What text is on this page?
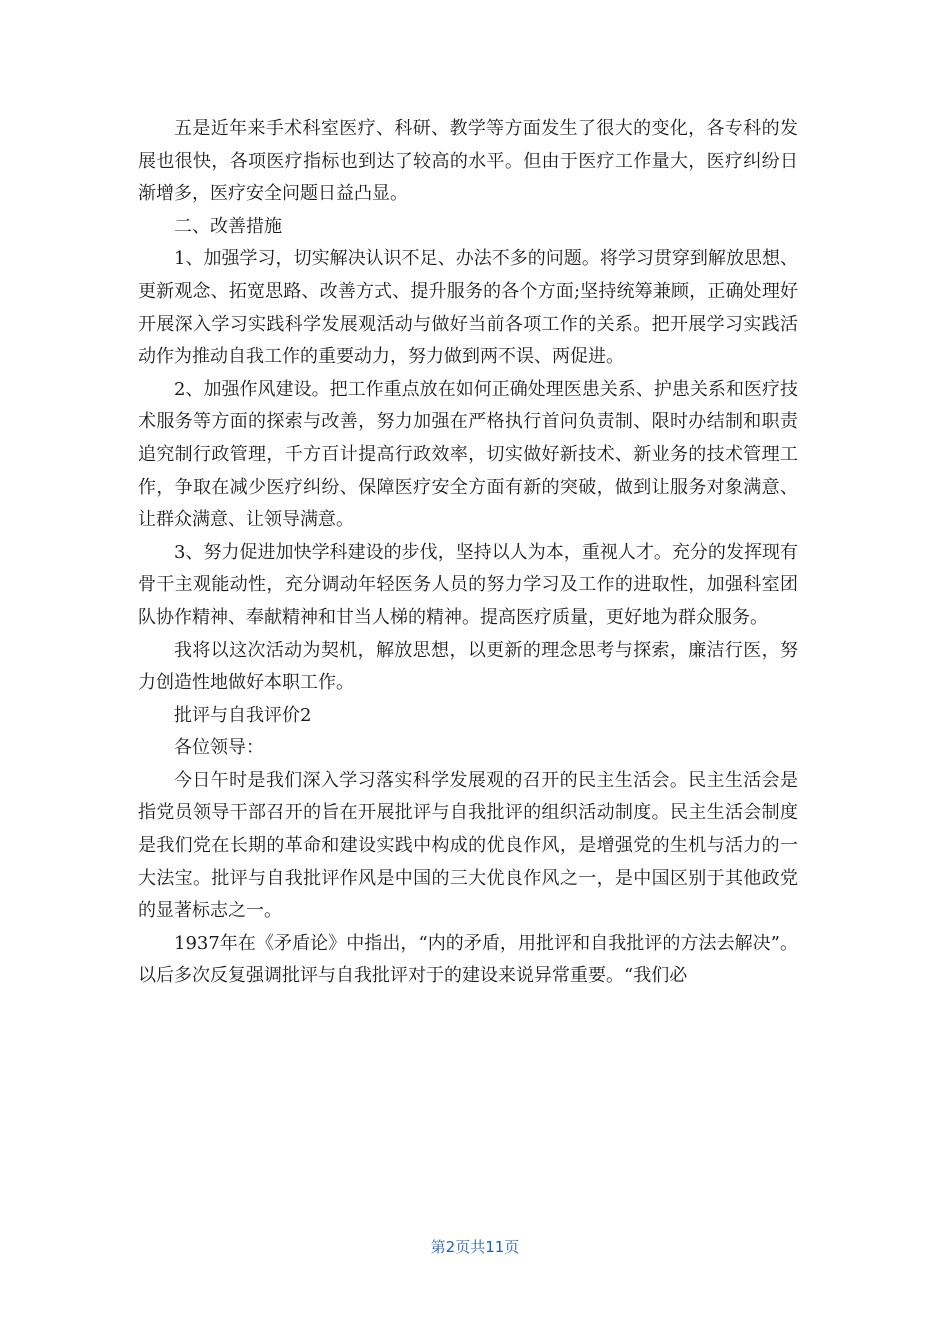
五是近年来手术科室医疗、科研、教学等方面发生了很大的变化，各专科的发展也很快，各项医疗指标也到达了较高的水平。但由于医疗工作量大，医疗纠纷日渐增多，医疗安全问题日益凸显。

二、改善措施

1、加强学习，切实解决认识不足、办法不多的问题。将学习贯穿到解放思想、更新观念、拓宽思路、改善方式、提升服务的各个方面;坚持统筹兼顾，正确处理好开展深入学习实践科学发展观活动与做好当前各项工作的关系。把开展学习实践活动作为推动自我工作的重要动力，努力做到两不误、两促进。

2、加强作风建设。把工作重点放在如何正确处理医患关系、护患关系和医疗技术服务等方面的探索与改善，努力加强在严格执行首问负责制、限时办结制和职责追究制行政管理，千方百计提高行政效率，切实做好新技术、新业务的技术管理工作，争取在减少医疗纠纷、保障医疗安全方面有新的突破，做到让服务对象满意、让群众满意、让领导满意。

3、努力促进加快学科建设的步伐，坚持以人为本，重视人才。充分的发挥现有骨干主观能动性，充分调动年轻医务人员的努力学习及工作的进取性，加强科室团队协作精神、奉献精神和甘当人梯的精神。提高医疗质量，更好地为群众服务。

我将以这次活动为契机，解放思想，以更新的理念思考与探索，廉洁行医，努力创造性地做好本职工作。

批评与自我评价2

各位领导：

今日午时是我们深入学习落实科学发展观的召开的民主生活会。民主生活会是指党员领导干部召开的旨在开展批评与自我批评的组织活动制度。民主生活会制度是我们党在长期的革命和建设实践中构成的优良作风，是增强党的生机与活力的一大法宝。批评与自我批评作风是中国的三大优良作风之一，是中国区别于其他政党的显著标志之一。

1937年在《矛盾论》中指出，“内的矛盾，用批评和自我批评的方法去解决”。以后多次反复强调批评与自我批评对于的建设来说异常重要。“我们必

第2页共11页
